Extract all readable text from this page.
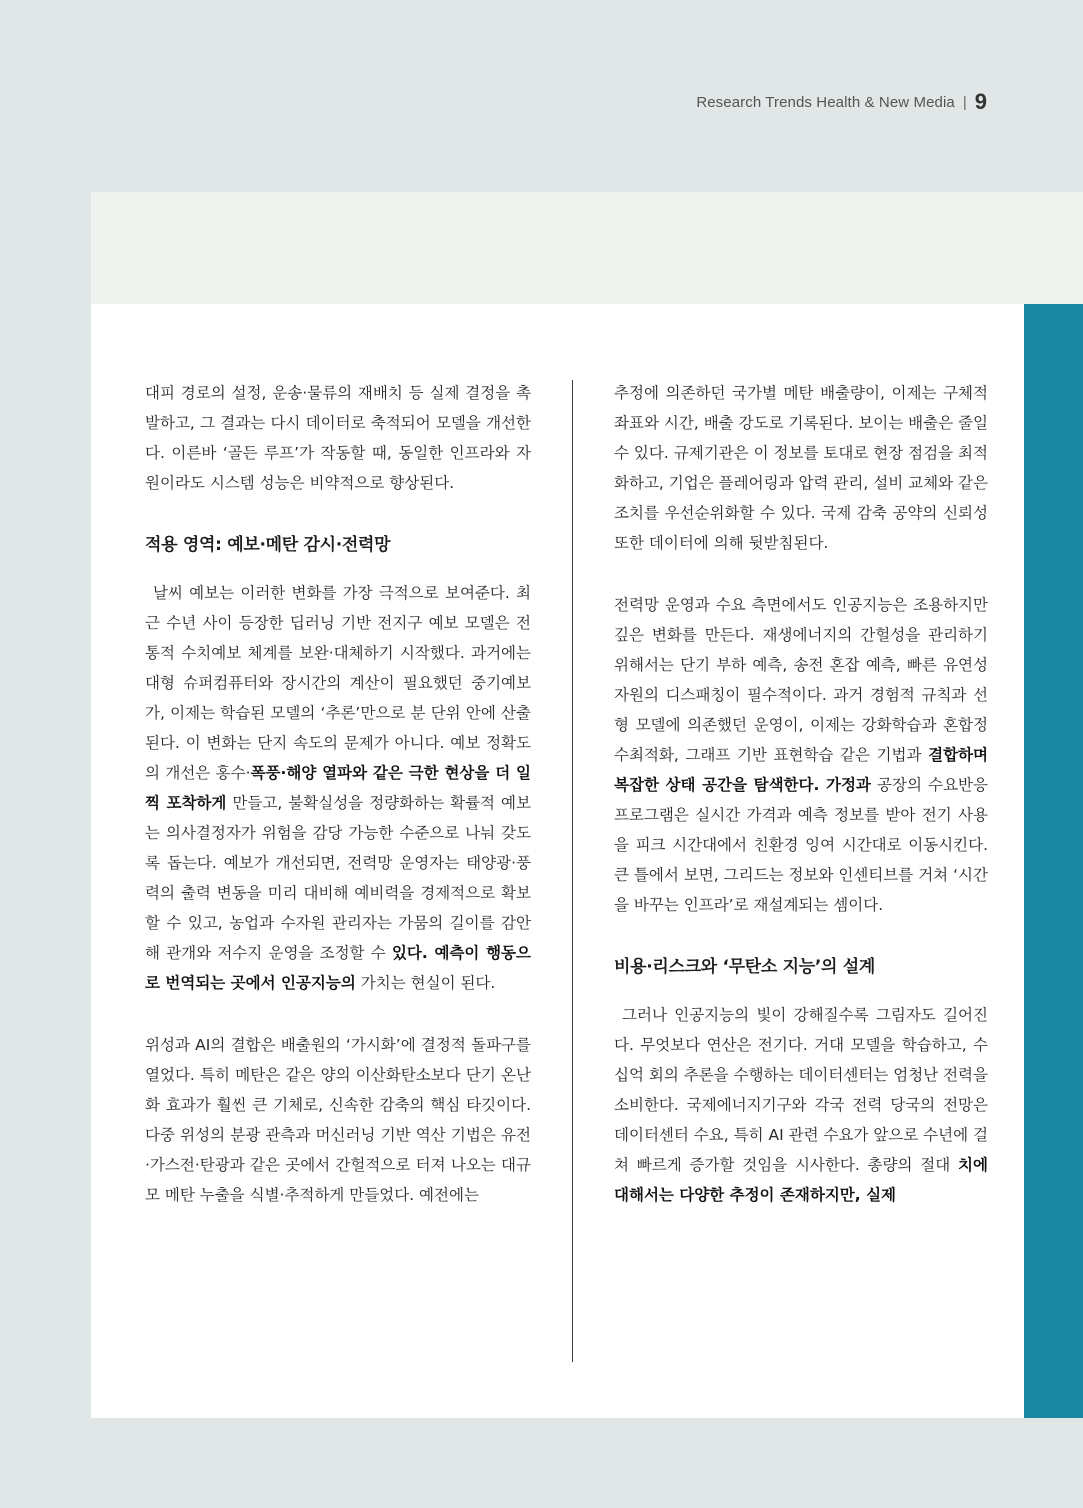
Research Trends Health & New Media | 9

대피 경로의 설정, 운송·물류의 재배치 등 실제 결정을 촉발하고, 그 결과는 다시 데이터로 축적되어 모델을 개선한다. 이른바 ‘골든 루프’가 작동할 때, 동일한 인프라와 자원이라도 시스템 성능은 비약적으로 향상된다.

적용 영역: 예보·메탄 감시·전력망

날씨 예보는 이러한 변화를 가장 극적으로 보여준다. 최근 수년 사이 등장한 딥러닝 기반 전지구 예보 모델은 전통적 수치예보 체계를 보완·대체하기 시작했다. 과거에는 대형 슈퍼컴퓨터와 장시간의 계산이 필요했던 중기예보가, 이제는 학습된 모델의 ‘추론’만으로 분 단위 안에 산출된다. 이 변화는 단지 속도의 문제가 아니다. 예보 정확도의 개선은 홍수·폭풍·해양 열파와 같은 극한 현상을 더 일찍 포착하게 만들고, 불확실성을 정량화하는 확률적 예보는 의사결정자가 위험을 감당 가능한 수준으로 나눠 갖도록 돕는다. 예보가 개선되면, 전력망 운영자는 태양광·풍력의 출력 변동을 미리 대비해 예비력을 경제적으로 확보할 수 있고, 농업과 수자원 관리자는 가뭄의 길이를 감안해 관개와 저수지 운영을 조정할 수 있다. 예측이 행동으로 번역되는 곳에서 인공지능의 가치는 현실이 된다.

위성과 AI의 결합은 배출원의 ‘가시화’에 결정적 돌파구를 열었다. 특히 메탄은 같은 양의 이산화탄소보다 단기 온난화 효과가 훨씬 큰 기체로, 신속한 감축의 핵심 타깃이다. 다중 위성의 분광 관측과 머신러닝 기반 역산 기법은 유전·가스전·탄광과 같은 곳에서 간헐적으로 터져 나오는 대규모 메탄 누출을 식별·추적하게 만들었다. 예전에는

추정에 의존하던 국가별 메탄 배출량이, 이제는 구체적 좌표와 시간, 배출 강도로 기록된다. 보이는 배출은 줄일 수 있다. 규제기관은 이 정보를 토대로 현장 점검을 최적화하고, 기업은 플레어링과 압력 관리, 설비 교체와 같은 조치를 우선순위화할 수 있다. 국제 감축 공약의 신뢰성 또한 데이터에 의해 뒷받침된다.

전력망 운영과 수요 측면에서도 인공지능은 조용하지만 깊은 변화를 만든다. 재생에너지의 간헐성을 관리하기 위해서는 단기 부하 예측, 송전 혼잡 예측, 빠른 유연성 자원의 디스패칭이 필수적이다. 과거 경험적 규칙과 선형 모델에 의존했던 운영이, 이제는 강화학습과 혼합정수최적화, 그래프 기반 표현학습 같은 기법과 결합하며 복잡한 상태 공간을 탐색한다. 가정과 공장의 수요반응 프로그램은 실시간 가격과 예측 정보를 받아 전기 사용을 피크 시간대에서 친환경 잉여 시간대로 이동시킨다. 큰 틀에서 보면, 그리드는 정보와 인센티브를 거쳐 ‘시간을 바꾸는 인프라’로 재설계되는 셈이다.

비용·리스크와 ‘무탄소 지능’의 설계

그러나 인공지능의 빛이 강해질수록 그림자도 길어진다. 무엇보다 연산은 전기다. 거대 모델을 학습하고, 수십억 회의 추론을 수행하는 데이터센터는 엄청난 전력을 소비한다. 국제에너지기구와 각국 전력 당국의 전망은 데이터센터 수요, 특히 AI 관련 수요가 앞으로 수년에 걸쳐 빠르게 증가할 것임을 시사한다. 총량의 절대 치에 대해서는 다양한 추정이 존재하지만, 실제
